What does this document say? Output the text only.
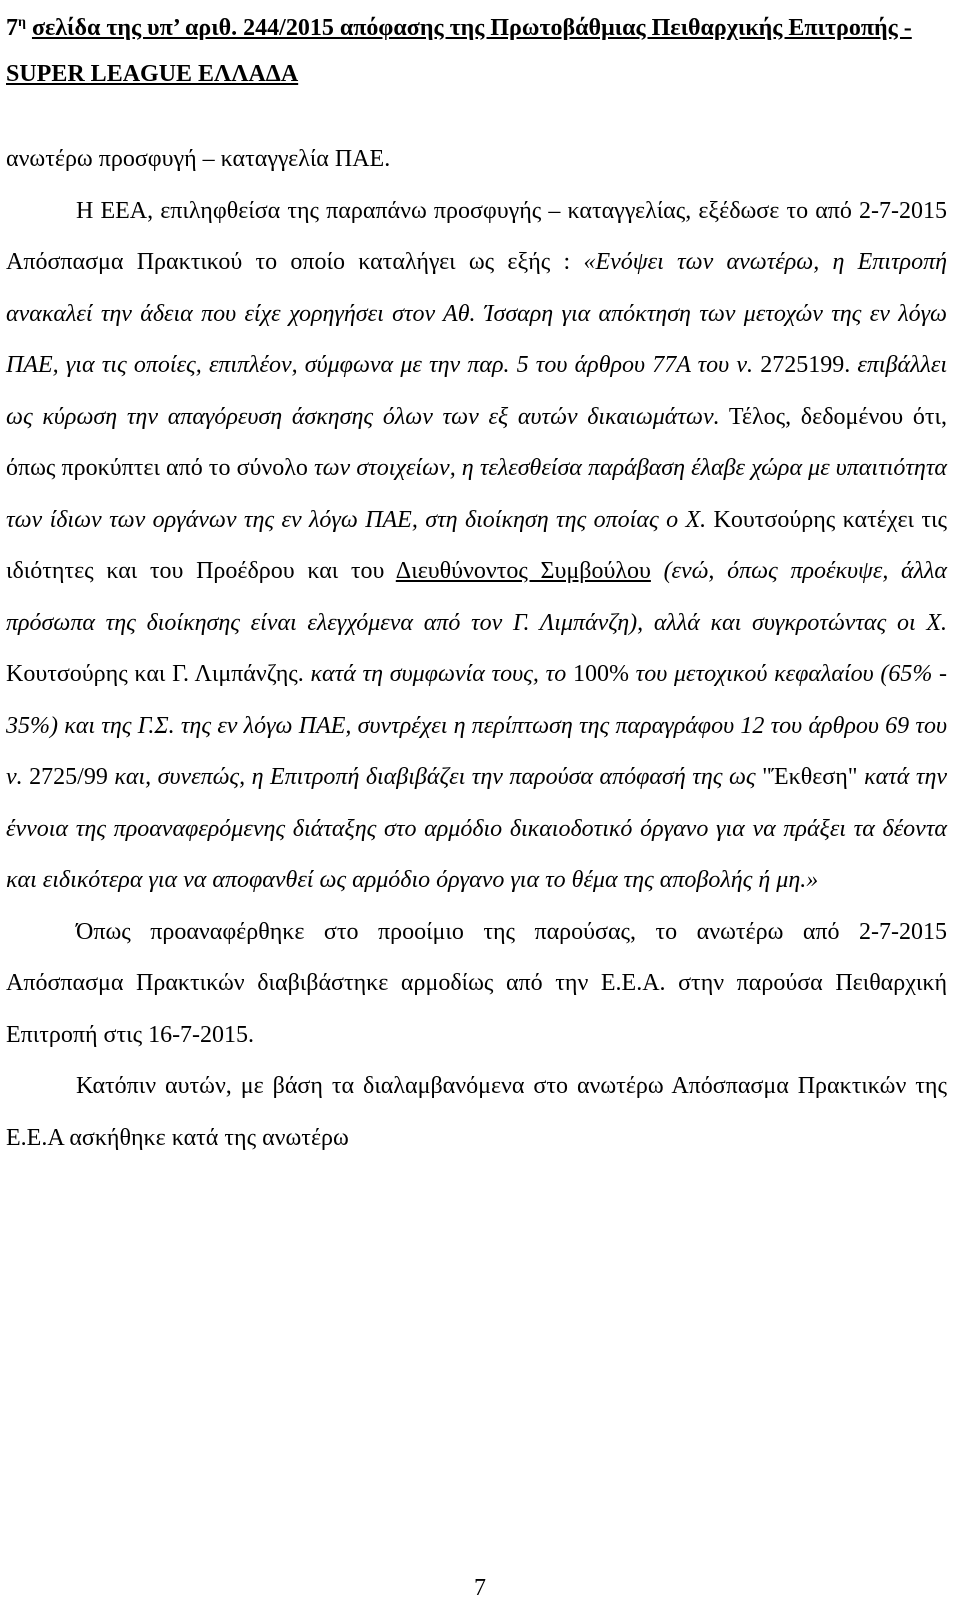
$7^\eta$ σελίδα της υπ’ αριθ. 244/2015 απόφασης της Πρωτοβάθμιας Πειθαρχικής Επιτροπής - SUPER LEAGUE ΕΛΛΑΔΑ

ανωτέρω προσφυγή – καταγγελία ΠΑΕ.

Η ΕΕΑ, επιληφθείσα της παραπάνω προσφυγής – καταγγελίας, εξέδωσε το από 2-7-2015 Απόσπασμα Πρακτικού το οποίο καταλήγει ως εξής : «Ενόψει των ανωτέρω, η Επιτροπή ανακαλεί την άδεια που είχε χορηγήσει στον Αθ. Ίσσαρη για απόκτηση των μετοχών της εν λόγω ΠΑΕ, για τις οποίες, επιπλέον, σύμφωνα με την παρ. 5 του άρθρου 77Α του ν. 2725199. επιβάλλει ως κύρωση την απαγόρευση άσκησης όλων των εξ αυτών δικαιωμάτων. Τέλος, δεδομένου ότι, όπως προκύπτει από το σύνολο των στοιχείων, η τελεσθείσα παράβαση έλαβε χώρα με υπαιτιότητα των ίδιων των οργάνων της εν λόγω ΠΑΕ, στη διοίκηση της οποίας ο Χ. Κουτσούρης κατέχει τις ιδιότητες και του Προέδρου και του Διευθύνοντος Συμβούλου (ενώ, όπως προέκυψε, άλλα πρόσωπα της διοίκησης είναι ελεγχόμενα από τον Γ. Λιμπάνζη), αλλά και συγκροτώντας οι Χ. Κουτσούρης και Γ. Λιμπάνζης. κατά τη συμφωνία τους, το 100% του μετοχικού κεφαλαίου (65% - 35%) και της Γ.Σ. της εν λόγω ΠΑΕ, συντρέχει η περίπτωση της παραγράφου 12 του άρθρου 69 του ν. 2725/99 και, συνεπώς, η Επιτροπή διαβιβάζει την παρούσα απόφασή της ως "Έκθεση" κατά την έννοια της προαναφερόμενης διάταξης στο αρμόδιο δικαιοδοτικό όργανο για να πράξει τα δέοντα και ειδικότερα για να αποφανθεί ως αρμόδιο όργανο για το θέμα της αποβολής ή μη.»

Όπως προαναφέρθηκε στο προοίμιο της παρούσας, το ανωτέρω από 2-7-2015 Απόσπασμα Πρακτικών διαβιβάστηκε αρμοδίως από την Ε.Ε.Α. στην παρούσα Πειθαρχική Επιτροπή στις 16-7-2015.

Κατόπιν αυτών, με βάση τα διαλαμβανόμενα στο ανωτέρω Απόσπασμα Πρακτικών της Ε.Ε.Α ασκήθηκε κατά της ανωτέρω

7
